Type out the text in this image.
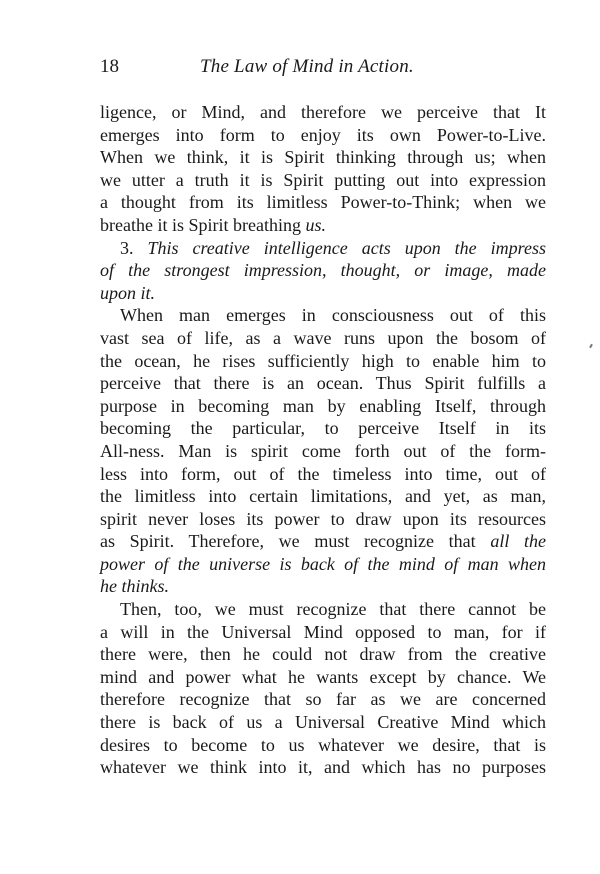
18	The Law of Mind in Action.
ligence, or Mind, and therefore we perceive that It
emerges into form to enjoy its own Power-to-Live.
When we think, it is Spirit thinking through us; when
we utter a truth it is Spirit putting out into expression
a thought from its limitless Power-to-Think; when we
breathe it is Spirit breathing us.
3. This creative intelligence acts upon the impress
of the strongest impression, thought, or image, made
upon it.
When man emerges in consciousness out of this
vast sea of life, as a wave runs upon the bosom of
the ocean, he rises sufficiently high to enable him to
perceive that there is an ocean. Thus Spirit fulfills a
purpose in becoming man by enabling Itself, through
becoming the particular, to perceive Itself in its
All-ness. Man is spirit come forth out of the form-
less into form, out of the timeless into time, out of
the limitless into certain limitations, and yet, as man,
spirit never loses its power to draw upon its resources
as Spirit. Therefore, we must recognize that all the
power of the universe is back of the mind of man when
he thinks.
Then, too, we must recognize that there cannot be
a will in the Universal Mind opposed to man, for if
there were, then he could not draw from the creative
mind and power what he wants except by chance. We
therefore recognize that so far as we are concerned
there is back of us a Universal Creative Mind which
desires to become to us whatever we desire, that is
whatever we think into it, and which has no purposes
